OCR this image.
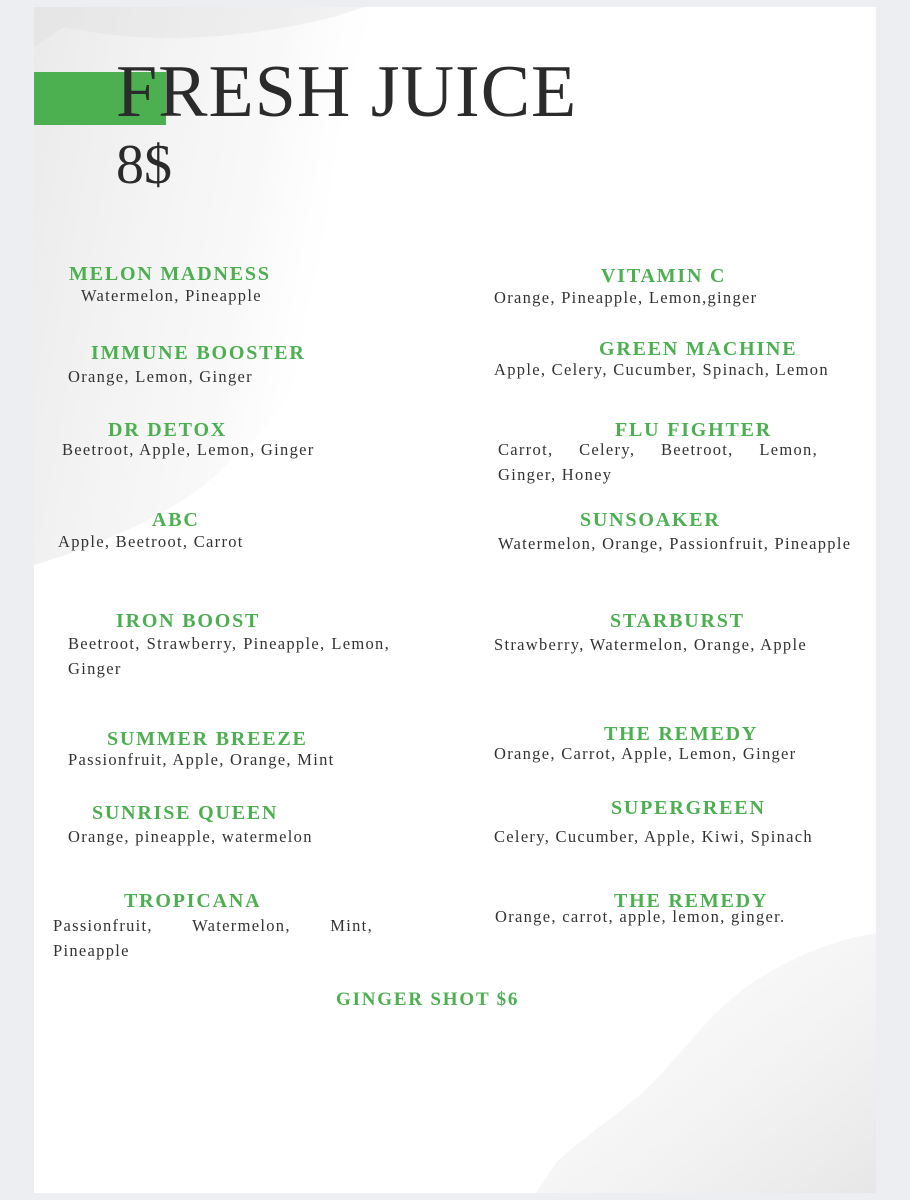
FRESH JUICE
8$
MELON MADNESS
Watermelon, Pineapple
IMMUNE BOOSTER
Orange, Lemon, Ginger
DR DETOX
Beetroot, Apple, Lemon, Ginger
ABC
Apple, Beetroot, Carrot
IRON BOOST
Beetroot, Strawberry, Pineapple, Lemon, Ginger
SUMMER BREEZE
Passionfruit, Apple, Orange, Mint
SUNRISE QUEEN
Orange, pineapple, watermelon
TROPICANA
Passionfruit, Watermelon, Mint, Pineapple
VITAMIN C
Orange, Pineapple, Lemon,ginger
GREEN MACHINE
Apple, Celery, Cucumber, Spinach, Lemon
FLU FIGHTER
Carrot, Celery, Beetroot, Lemon, Ginger, Honey
SUNSOAKER
Watermelon, Orange, Passionfruit, Pineapple
STARBURST
Strawberry, Watermelon, Orange, Apple
THE REMEDY
Orange, Carrot, Apple, Lemon, Ginger
SUPERGREEN
Celery, Cucumber, Apple, Kiwi, Spinach
THE REMEDY
Orange, carrot, apple, lemon, ginger.
GINGER SHOT $6
